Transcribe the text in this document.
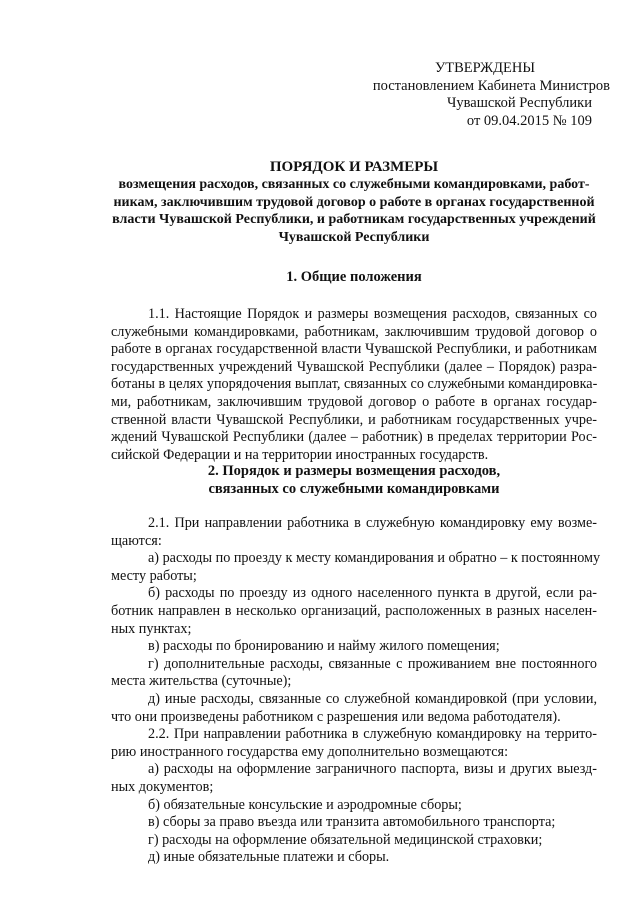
УТВЕРЖДЕНЫ
постановлением Кабинета Министров
Чувашской Республики
от 09.04.2015 № 109
ПОРЯДОК И РАЗМЕРЫ
возмещения расходов, связанных со служебными командировками, работ-
никам, заключившим трудовой договор о работе в органах государственной
власти Чувашской Республики, и работникам государственных учреждений
Чувашской Республики
1. Общие положения
1.1. Настоящие Порядок и размеры возмещения расходов, связанных со
служебными командировками, работникам, заключившим трудовой договор о
работе в органах государственной власти Чувашской Республики, и работникам
государственных учреждений Чувашской Республики (далее – Порядок) разра-
ботаны в целях упорядочения выплат, связанных со служебными командировка-
ми, работникам, заключившим трудовой договор о работе в органах государ-
ственной власти Чувашской Республики, и работникам государственных учре-
ждений Чувашской Республики (далее – работник) в пределах территории Рос-
сийской Федерации и на территории иностранных государств.
2. Порядок и размеры возмещения расходов,
связанных со служебными командировками
2.1. При направлении работника в служебную командировку ему возме-
щаются:
а) расходы по проезду к месту командирования и обратно – к постоянному
месту работы;
б) расходы по проезду из одного населенного пункта в другой, если ра-
ботник направлен в несколько организаций, расположенных в разных населен-
ных пунктах;
в) расходы по бронированию и найму жилого помещения;
г) дополнительные расходы, связанные с проживанием вне постоянного
места жительства (суточные);
д) иные расходы, связанные со служебной командировкой (при условии,
что они произведены работником с разрешения или ведома работодателя).
2.2. При направлении работника в служебную командировку на террито-
рию иностранного государства ему дополнительно возмещаются:
а) расходы на оформление заграничного паспорта, визы и других выезд-
ных документов;
б) обязательные консульские и аэродромные сборы;
в) сборы за право въезда или транзита автомобильного транспорта;
г) расходы на оформление обязательной медицинской страховки;
д) иные обязательные платежи и сборы.
